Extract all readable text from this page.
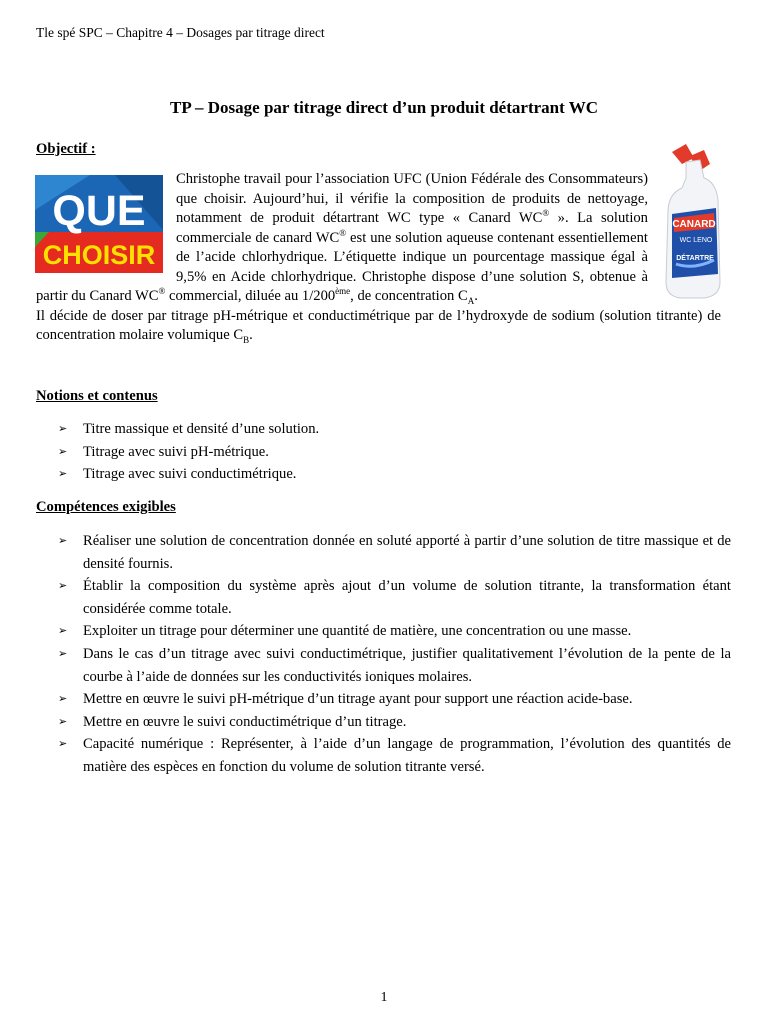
Tle spé SPC – Chapitre 4 – Dosages par titrage direct
TP – Dosage par titrage direct d’un produit détartrant WC
Objectif :
QUE
CHOISIR
CANARD
WC LENO
DÉTARTRE
Christophe travail pour l’association UFC (Union Fédérale des Consommateurs) que choisir. Aujourd’hui, il vérifie la composition de produits de nettoyage, notamment de produit détartrant WC type « Canard WC® ». La solution commerciale de canard WC® est une solution aqueuse contenant essentiellement de l’acide chlorhydrique. L’étiquette indique un pourcentage massique égal à 9,5% en Acide chlorhydrique. Christophe dispose d’une solution S, obtenue à partir du Canard WC® commercial, diluée au 1/200ème, de concentration $C_A$.
Il décide de doser par titrage pH-métrique et conductimétrique par de l’hydroxyde de sodium (solution titrante) de concentration molaire volumique $C_B$.
Notions et contenus
➢ Titre massique et densité d’une solution.
➢ Titrage avec suivi pH-métrique.
➢ Titrage avec suivi conductimétrique.
Compétences exigibles
➢ Réaliser une solution de concentration donnée en soluté apporté à partir d’une solution de titre massique et de densité fournis.
➢ Établir la composition du système après ajout d’un volume de solution titrante, la transformation étant considérée comme totale.
➢ Exploiter un titrage pour déterminer une quantité de matière, une concentration ou une masse.
➢ Dans le cas d’un titrage avec suivi conductimétrique, justifier qualitativement l’évolution de la pente de la courbe à l’aide de données sur les conductivités ioniques molaires.
➢ Mettre en œuvre le suivi pH-métrique d’un titrage ayant pour support une réaction acide-base.
➢ Mettre en œuvre le suivi conductimétrique d’un titrage.
➢ Capacité numérique : Représenter, à l’aide d’un langage de programmation, l’évolution des quantités de matière des espèces en fonction du volume de solution titrante versé.
1
